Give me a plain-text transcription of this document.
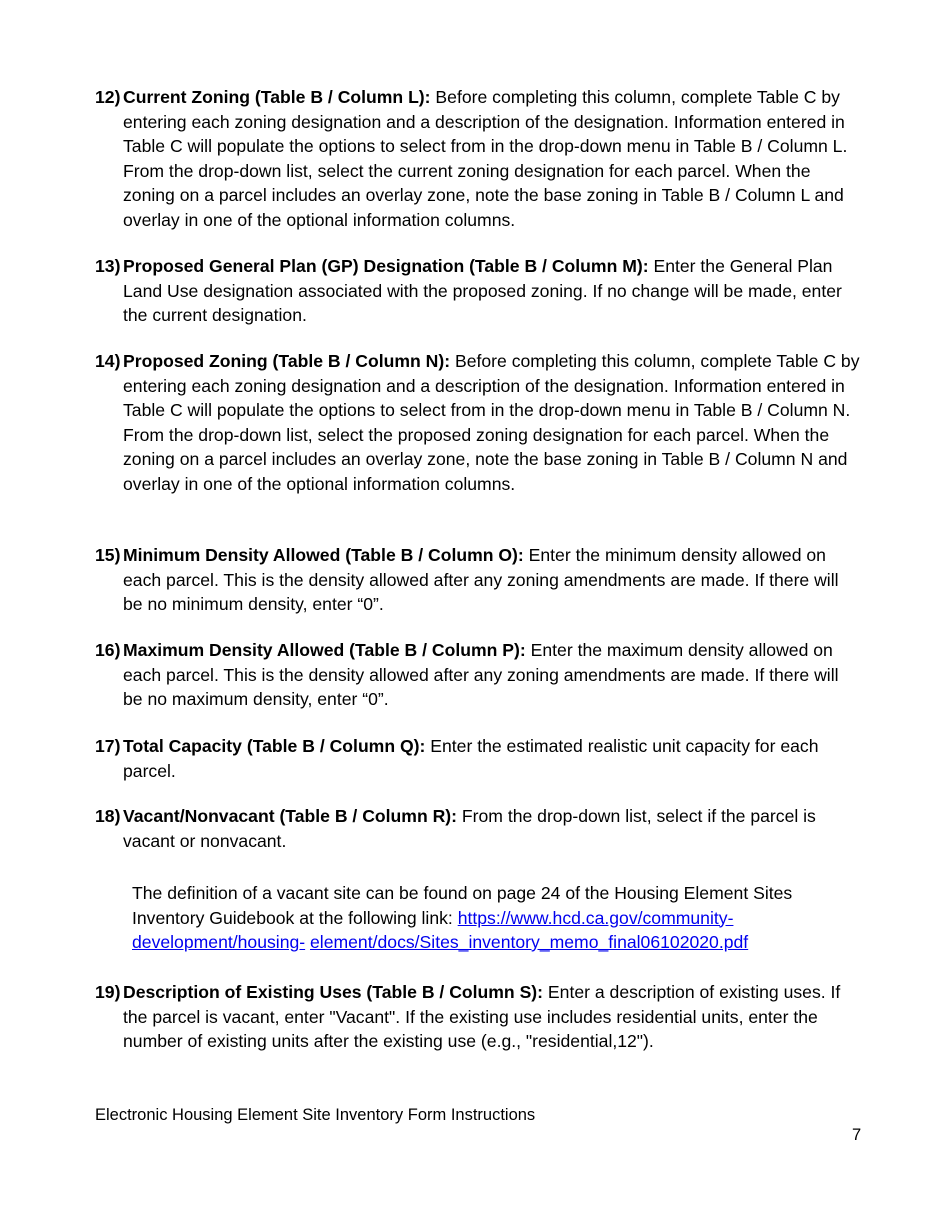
12) Current Zoning (Table B / Column L): Before completing this column, complete Table C by entering each zoning designation and a description of the designation. Information entered in Table C will populate the options to select from in the drop-down menu in Table B / Column L. From the drop-down list, select the current zoning designation for each parcel. When the zoning on a parcel includes an overlay zone, note the base zoning in Table B / Column L and overlay in one of the optional information columns.
13) Proposed General Plan (GP) Designation (Table B / Column M): Enter the General Plan Land Use designation associated with the proposed zoning. If no change will be made, enter the current designation.
14) Proposed Zoning (Table B / Column N): Before completing this column, complete Table C by entering each zoning designation and a description of the designation. Information entered in Table C will populate the options to select from in the drop-down menu in Table B / Column N. From the drop-down list, select the proposed zoning designation for each parcel. When the zoning on a parcel includes an overlay zone, note the base zoning in Table B / Column N and overlay in one of the optional information columns.
15) Minimum Density Allowed (Table B / Column O): Enter the minimum density allowed on each parcel. This is the density allowed after any zoning amendments are made. If there will be no minimum density, enter “0”.
16) Maximum Density Allowed (Table B / Column P): Enter the maximum density allowed on each parcel. This is the density allowed after any zoning amendments are made. If there will be no maximum density, enter “0”.
17) Total Capacity (Table B / Column Q): Enter the estimated realistic unit capacity for each parcel.
18) Vacant/Nonvacant (Table B / Column R): From the drop-down list, select if the parcel is vacant or nonvacant.
The definition of a vacant site can be found on page 24 of the Housing Element Sites Inventory Guidebook at the following link: https://www.hcd.ca.gov/community-development/housing- element/docs/Sites_inventory_memo_final06102020.pdf
19) Description of Existing Uses (Table B / Column S): Enter a description of existing uses. If the parcel is vacant, enter "Vacant". If the existing use includes residential units, enter the number of existing units after the existing use (e.g., "residential,12").
Electronic Housing Element Site Inventory Form Instructions
7
